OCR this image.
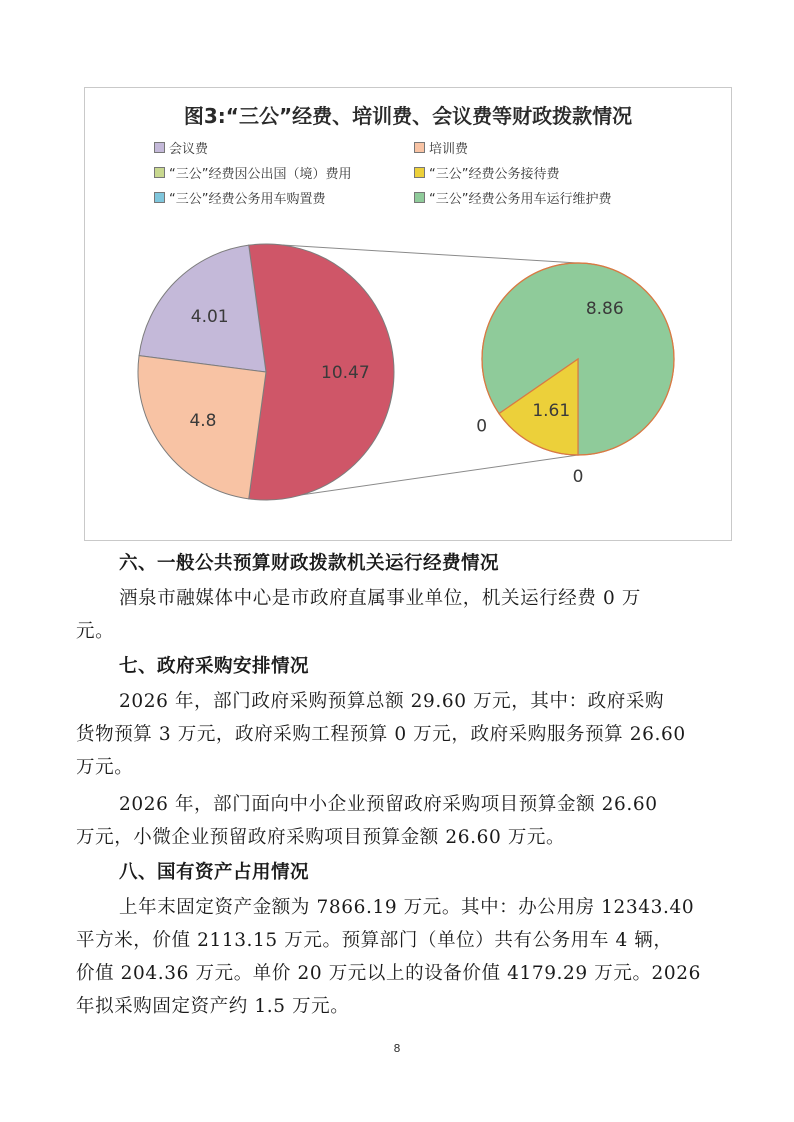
10.47
4.01
4.8
8.86
0
1.61
0
图3:“三公”经费、培训费、会议费等财政拨款情况
会议费	培训费
“三公”经费因公出国（境）费用	“三公”经费公务接待费
“三公”经费公务用车购置费	“三公”经费公务用车运行维护费
六、一般公共预算财政拨款机关运行经费情况
酒泉市融媒体中心是市政府直属事业单位，机关运行经费 0 万
元。
七、政府采购安排情况
2026 年，部门政府采购预算总额 29.60 万元，其中：政府采购
货物预算 3 万元，政府采购工程预算 0 万元，政府采购服务预算 26.60
万元。
2026 年，部门面向中小企业预留政府采购项目预算金额 26.60
万元，小微企业预留政府采购项目预算金额 26.60 万元。
八、国有资产占用情况
上年末固定资产金额为 7866.19 万元。其中：办公用房 12343.40
平方米，价值 2113.15 万元。预算部门（单位）共有公务用车 4 辆，
价值 204.36 万元。单价 20 万元以上的设备价值 4179.29 万元。2026
年拟采购固定资产约 1.5 万元。
8
